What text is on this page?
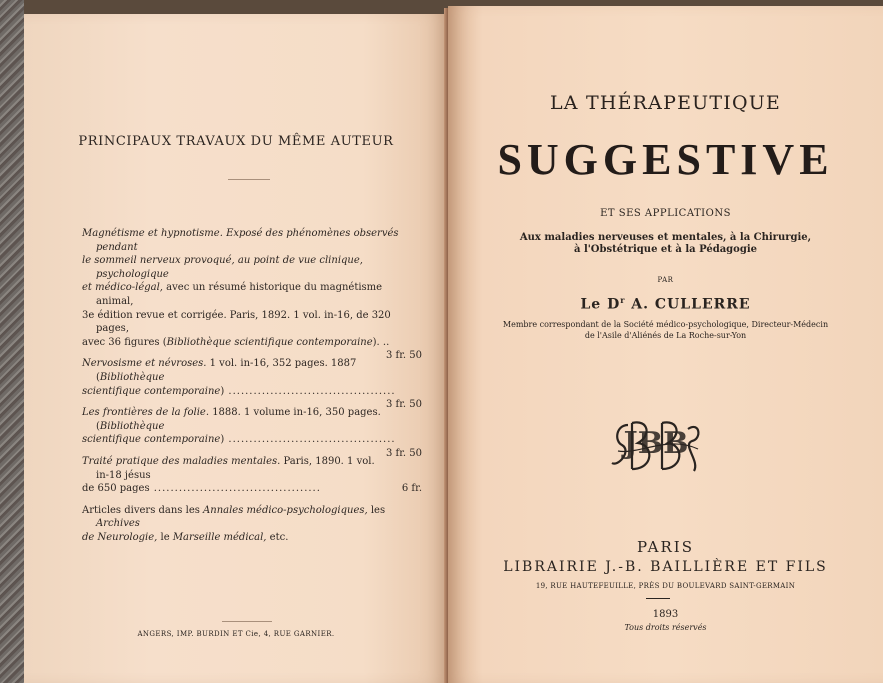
PRINCIPAUX TRAVAUX DU MÊME AUTEUR
Magnétisme et hypnotisme. Exposé des phénomènes observés pendant
le sommeil nerveux provoqué, au point de vue clinique, psychologique
et médico-légal, avec un résumé historique du magnétisme animal,
3e édition revue et corrigée. Paris, 1892. 1 vol. in-16, de 320 pages,
avec 36 figures (Bibliothèque scientifique contemporaine). ..
3 fr. 50
Nervosisme et névroses. 1 vol. in-16, 352 pages. 1887 (Bibliothèque
scientifique contemporaine) .....
3 fr. 50
Les frontières de la folie. 1888. 1 volume in-16, 350 pages. (Bibliothèque
scientifique contemporaine) .....
3 fr. 50
Traité pratique des maladies mentales. Paris, 1890. 1 vol. in-18 jésus
de 650 pages .....	6 fr.
Articles divers dans les Annales médico-psychologiques, les Archives
de Neurologie, le Marseille médical, etc.
ANGERS, IMP. BURDIN ET Cie, 4, RUE GARNIER.
LA THÉRAPEUTIQUE
SUGGESTIVE
ET SES APPLICATIONS
Aux maladies nerveuses et mentales, à la Chirurgie,
à l'Obstétrique et à la Pédagogie
PAR
Le $D^r$ A. CULLERRE
Membre correspondant de la Société médico-psychologique, Directeur-Médecin
de l'Asile d'Aliénés de La Roche-sur-Yon
JBB
PARIS
LIBRAIRIE J.-B. BAILLIÈRE ET FILS
19, RUE HAUTEFEUILLE, PRÈS DU BOULEVARD SAINT-GERMAIN
1893
Tous droits réservés
